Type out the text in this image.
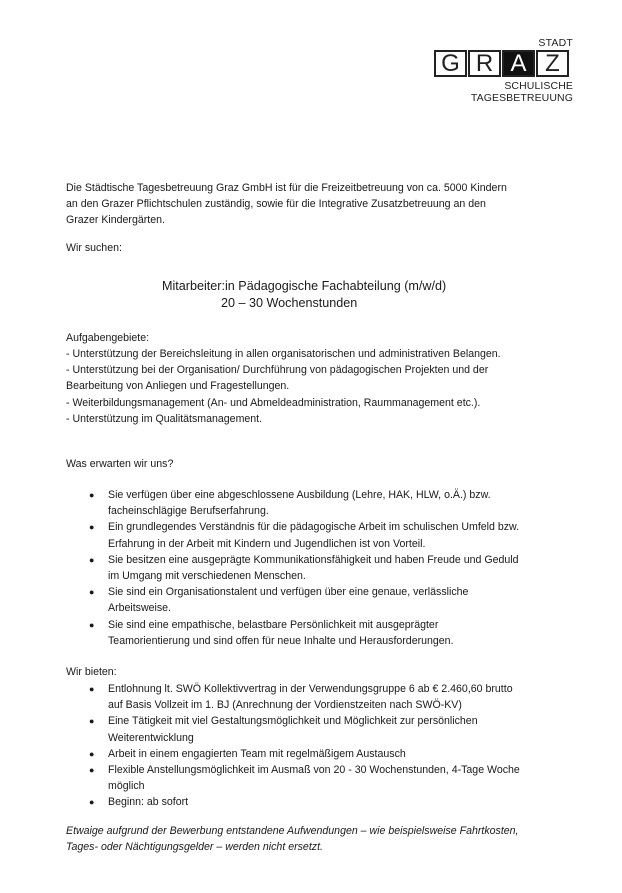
STADT
G R A Z
SCHULISCHE
TAGESBETREUUNG
Die Städtische Tagesbetreuung Graz GmbH ist für die Freizeitbetreuung von ca. 5000 Kindern
an den Grazer Pflichtschulen zuständig, sowie für die Integrative Zusatzbetreuung an den
Grazer Kindergärten.
Wir suchen:
Mitarbeiter:in Pädagogische Fachabteilung (m/w/d)
20 – 30 Wochenstunden
Aufgabengebiete:
- Unterstützung der Bereichsleitung in allen organisatorischen und administrativen Belangen.
- Unterstützung bei der Organisation/ Durchführung von pädagogischen Projekten und der
Bearbeitung von Anliegen und Fragestellungen.
- Weiterbildungsmanagement (An- und Abmeldeadministration, Raummanagement etc.).
- Unterstützung im Qualitätsmanagement.
Was erwarten wir uns?
● Sie verfügen über eine abgeschlossene Ausbildung (Lehre, HAK, HLW, o.Ä.) bzw.
facheinschlägige Berufserfahrung.
● Ein grundlegendes Verständnis für die pädagogische Arbeit im schulischen Umfeld bzw.
Erfahrung in der Arbeit mit Kindern und Jugendlichen ist von Vorteil.
● Sie besitzen eine ausgeprägte Kommunikationsfähigkeit und haben Freude und Geduld
im Umgang mit verschiedenen Menschen.
● Sie sind ein Organisationstalent und verfügen über eine genaue, verlässliche
Arbeitsweise.
● Sie sind eine empathische, belastbare Persönlichkeit mit ausgeprägter
Teamorientierung und sind offen für neue Inhalte und Herausforderungen.
Wir bieten:
● Entlohnung lt. SWÖ Kollektivvertrag in der Verwendungsgruppe 6 ab € 2.460,60 brutto
auf Basis Vollzeit im 1. BJ (Anrechnung der Vordienstzeiten nach SWÖ-KV)
● Eine Tätigkeit mit viel Gestaltungsmöglichkeit und Möglichkeit zur persönlichen
Weiterentwicklung
● Arbeit in einem engagierten Team mit regelmäßigem Austausch
● Flexible Anstellungsmöglichkeit im Ausmaß von 20 - 30 Wochenstunden, 4-Tage Woche
möglich
● Beginn: ab sofort
Etwaige aufgrund der Bewerbung entstandene Aufwendungen – wie beispielsweise Fahrtkosten,
Tages- oder Nächtigungsgelder – werden nicht ersetzt.
